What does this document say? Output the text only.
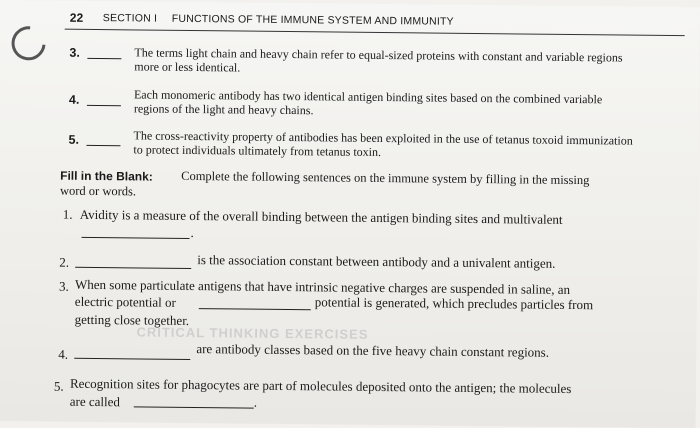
22 SECTION I FUNCTIONS OF THE IMMUNE SYSTEM AND IMMUNITY
3.	The terms light chain and heavy chain refer to equal-sized proteins with constant and variable regions more or less identical.
4.	Each monomeric antibody has two identical antigen binding sites based on the combined variable regions of the light and heavy chains.
5.	The cross-reactivity property of antibodies has been exploited in the use of tetanus toxoid immunization to protect individuals ultimately from tetanus toxin.
Fill in the Blank: Complete the following sentences on the immune system by filling in the missing
word or words.
1. Avidity is a measure of the overall binding between the antigen binding sites and multivalent
.
2.	is the association constant between antibody and a univalent antigen.
3. When some particulate antigens that have intrinsic negative charges are suspended in saline, an
electric potential or	potential is generated, which precludes particles from
getting close together.
CRITICAL THINKING EXERCISES
4.	are antibody classes based on the five heavy chain constant regions.
5. Recognition sites for phagocytes are part of molecules deposited onto the antigen; the molecules
are called	.
